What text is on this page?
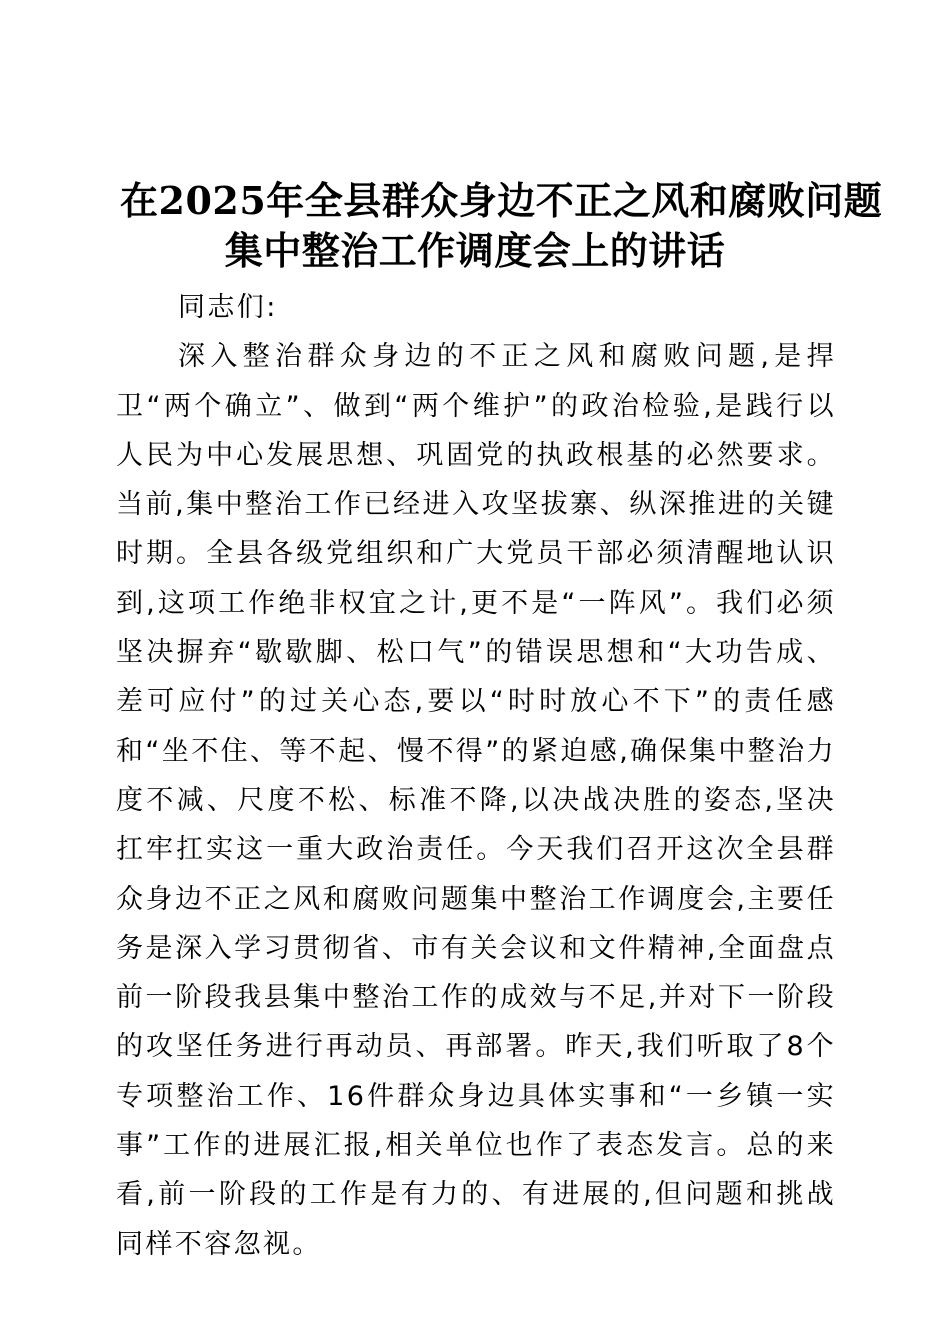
在2025年全县群众身边不正之风和腐败问题
集中整治工作调度会上的讲话

同志们:

深入整治群众身边的不正之风和腐败问题,是捍卫“两个确立”、做到“两个维护”的政治检验,是践行以人民为中心发展思想、巩固党的执政根基的必然要求。当前,集中整治工作已经进入攻坚拔寨、纵深推进的关键时期。全县各级党组织和广大党员干部必须清醒地认识到,这项工作绝非权宜之计,更不是“一阵风”。我们必须坚决摒弃“歇歇脚、松口气”的错误思想和“大功告成、差可应付”的过关心态,要以“时时放心不下”的责任感和“坐不住、等不起、慢不得”的紧迫感,确保集中整治力度不减、尺度不松、标准不降,以决战决胜的姿态,坚决扛牢扛实这一重大政治责任。今天我们召开这次全县群众身边不正之风和腐败问题集中整治工作调度会,主要任务是深入学习贯彻省、市有关会议和文件精神,全面盘点前一阶段我县集中整治工作的成效与不足,并对下一阶段的攻坚任务进行再动员、再部署。昨天,我们听取了8个专项整治工作、16件群众身边具体实事和“一乡镇一实事”工作的进展汇报,相关单位也作了表态发言。总的来看,前一阶段的工作是有力的、有进展的,但问题和挑战同样不容忽视。
